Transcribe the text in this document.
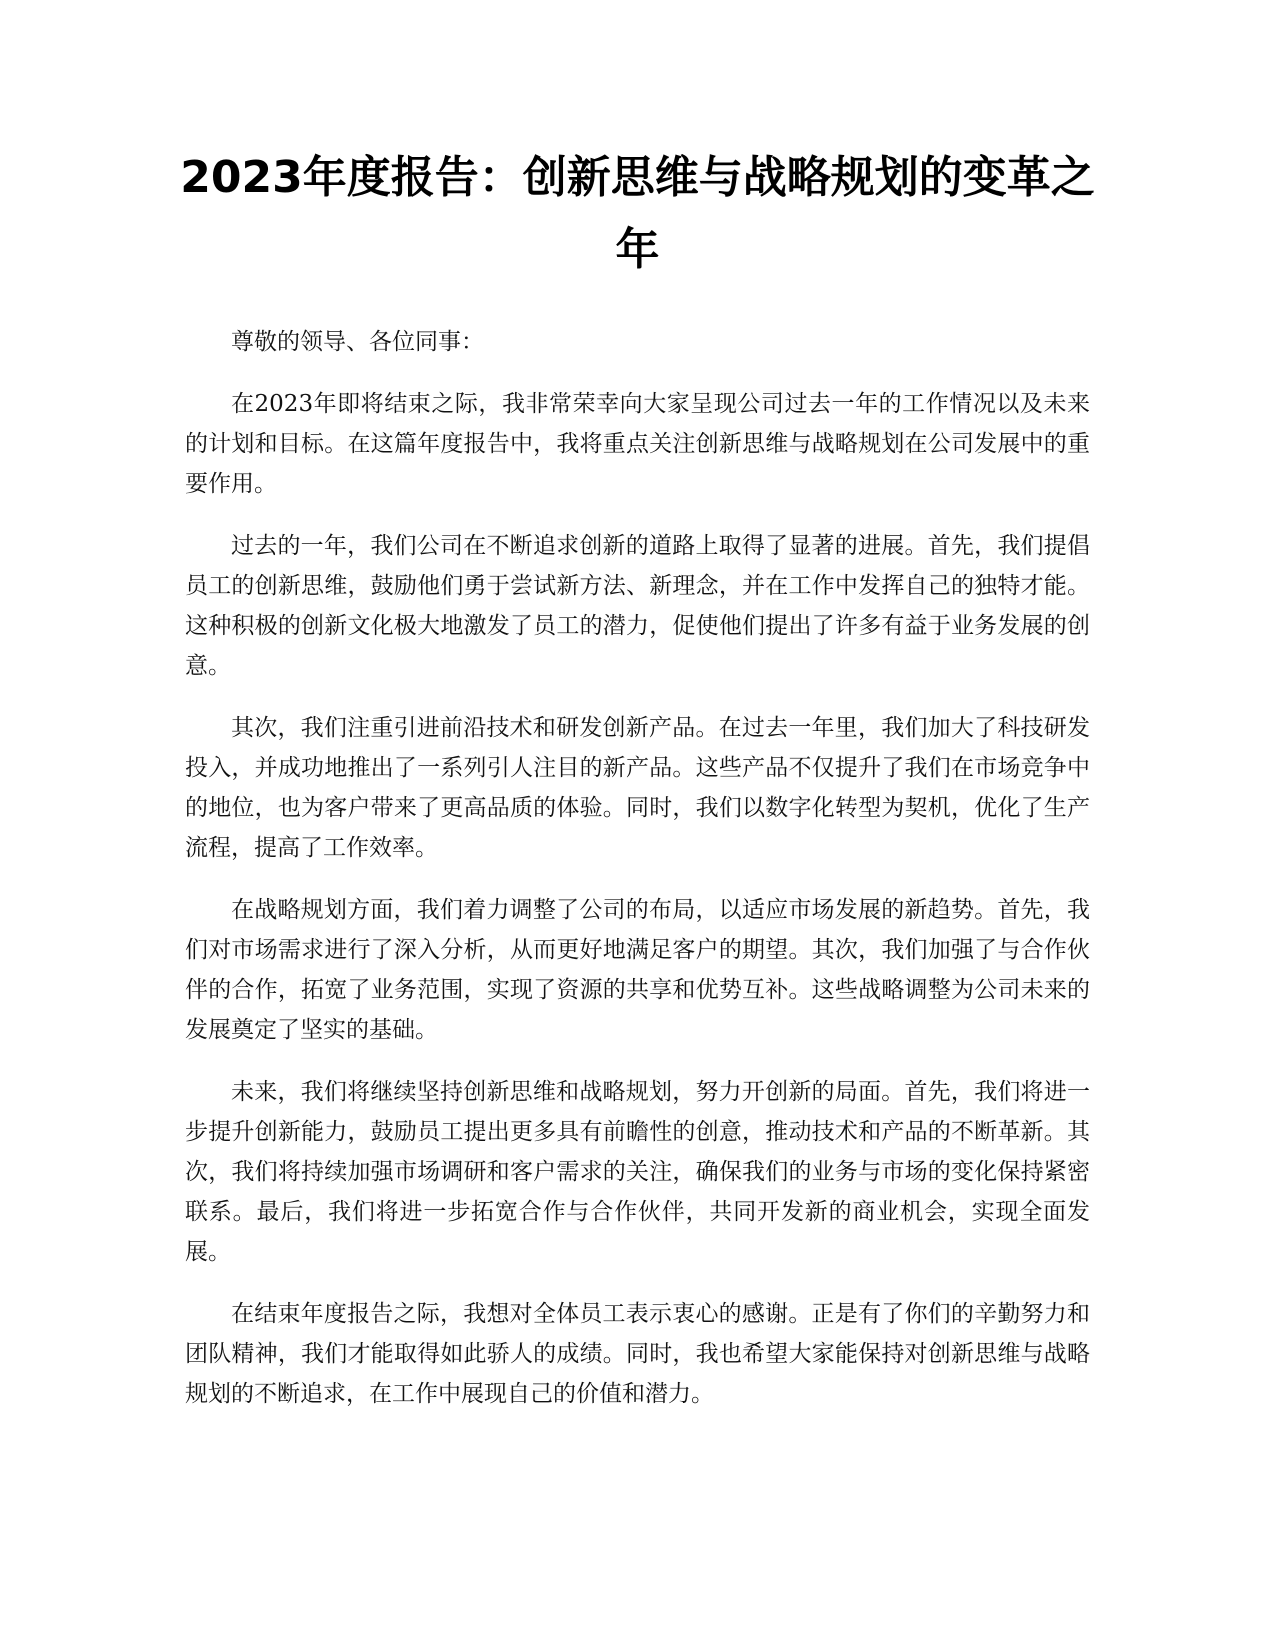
2023年度报告：创新思维与战略规划的变革之年

尊敬的领导、各位同事：

在2023年即将结束之际，我非常荣幸向大家呈现公司过去一年的工作情况以及未来的计划和目标。在这篇年度报告中，我将重点关注创新思维与战略规划在公司发展中的重要作用。

过去的一年，我们公司在不断追求创新的道路上取得了显著的进展。首先，我们提倡员工的创新思维，鼓励他们勇于尝试新方法、新理念，并在工作中发挥自己的独特才能。这种积极的创新文化极大地激发了员工的潜力，促使他们提出了许多有益于业务发展的创意。

其次，我们注重引进前沿技术和研发创新产品。在过去一年里，我们加大了科技研发投入，并成功地推出了一系列引人注目的新产品。这些产品不仅提升了我们在市场竞争中的地位，也为客户带来了更高品质的体验。同时，我们以数字化转型为契机，优化了生产流程，提高了工作效率。

在战略规划方面，我们着力调整了公司的布局，以适应市场发展的新趋势。首先，我们对市场需求进行了深入分析，从而更好地满足客户的期望。其次，我们加强了与合作伙伴的合作，拓宽了业务范围，实现了资源的共享和优势互补。这些战略调整为公司未来的发展奠定了坚实的基础。

未来，我们将继续坚持创新思维和战略规划，努力开创新的局面。首先，我们将进一步提升创新能力，鼓励员工提出更多具有前瞻性的创意，推动技术和产品的不断革新。其次，我们将持续加强市场调研和客户需求的关注，确保我们的业务与市场的变化保持紧密联系。最后，我们将进一步拓宽合作与合作伙伴，共同开发新的商业机会，实现全面发展。

在结束年度报告之际，我想对全体员工表示衷心的感谢。正是有了你们的辛勤努力和团队精神，我们才能取得如此骄人的成绩。同时，我也希望大家能保持对创新思维与战略规划的不断追求，在工作中展现自己的价值和潜力。
